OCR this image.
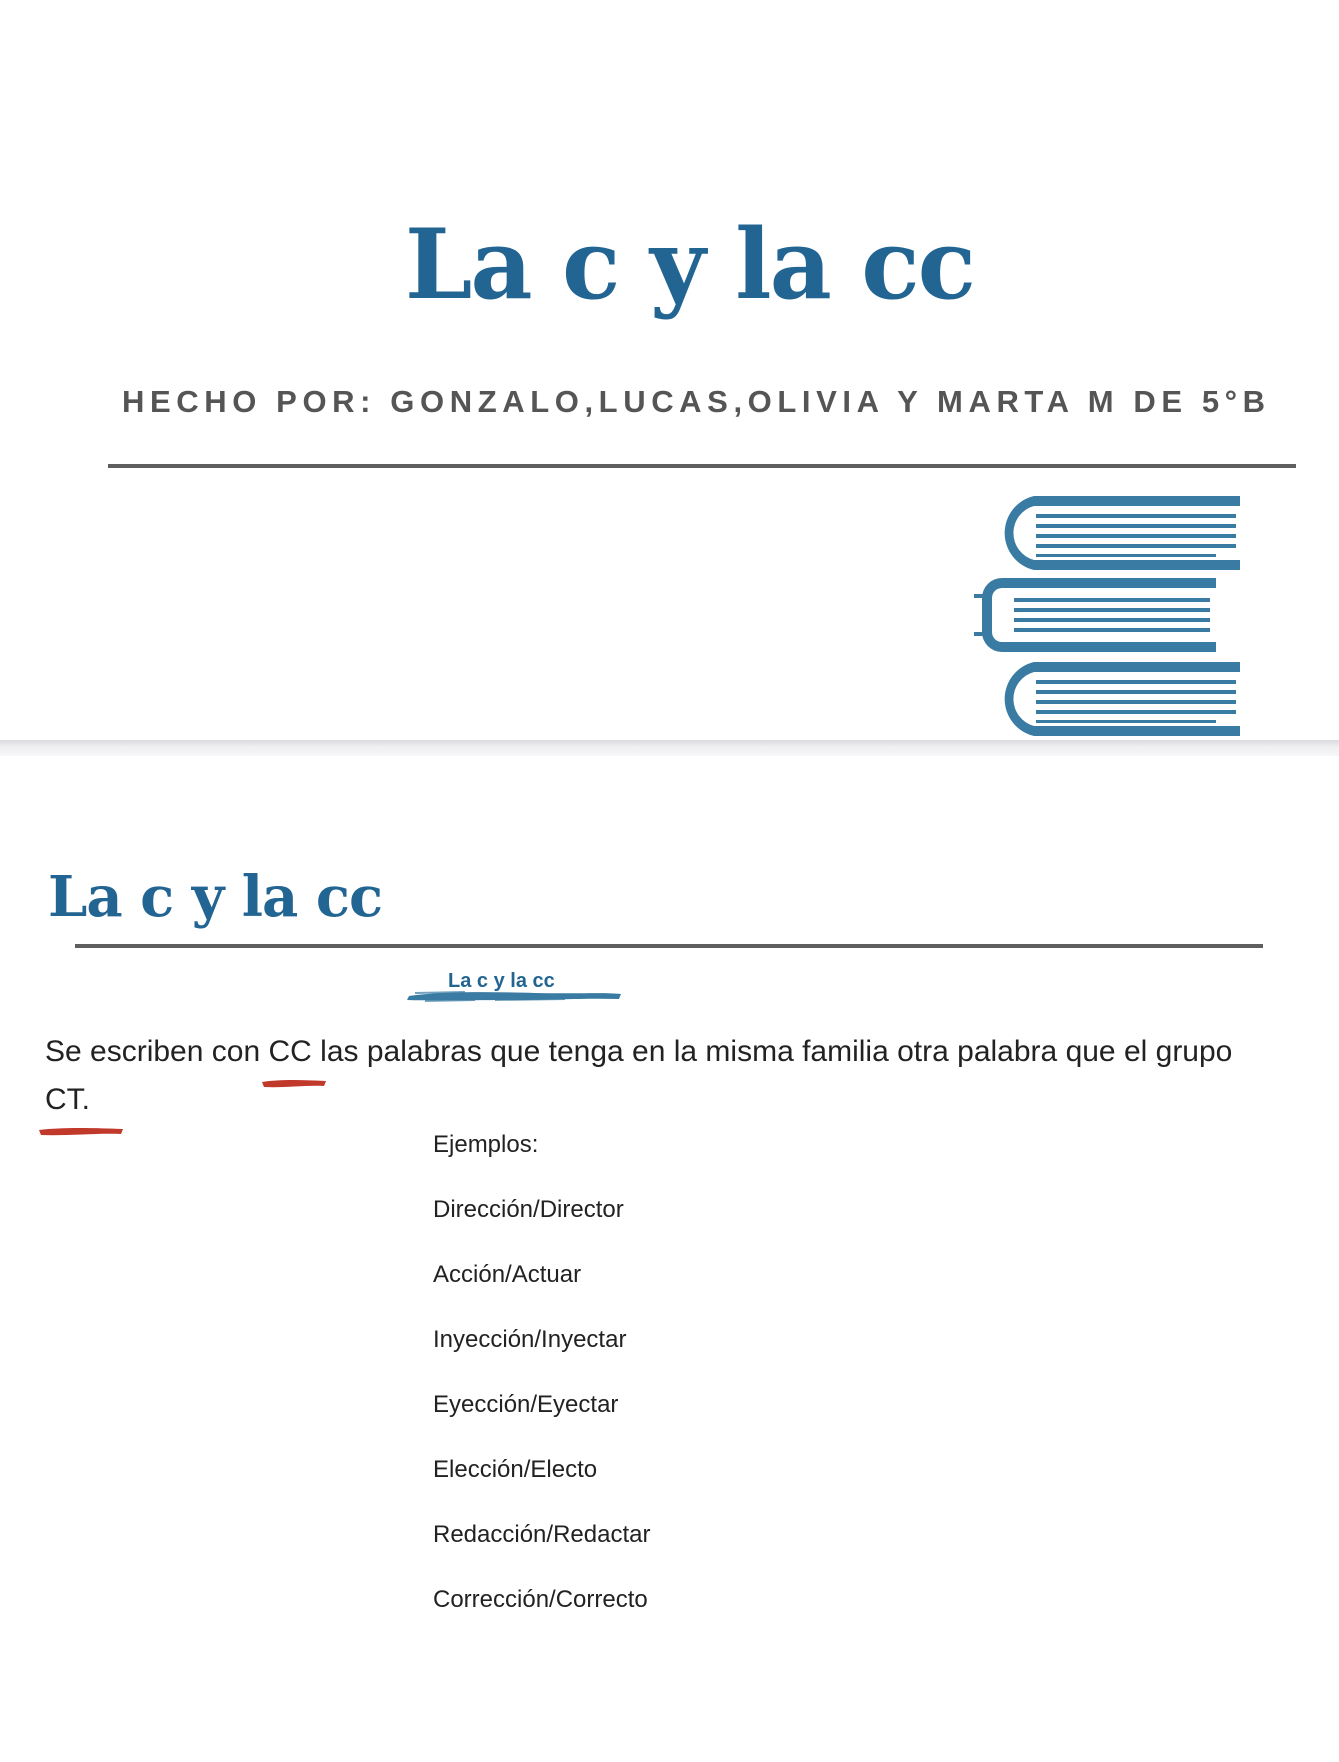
La c y la cc
HECHO POR: GONZALO,LUCAS,OLIVIA Y MARTA M DE 5°B
La c y la cc
La c y la cc
Se escriben con CC
las palabras que tenga en la misma familia otra palabra que el grupo CT.
Ejemplos:
Dirección/Director
Acción/Actuar
Inyección/Inyectar
Eyección/Eyectar
Elección/Electo
Redacción/Redactar
Corrección/Correcto
